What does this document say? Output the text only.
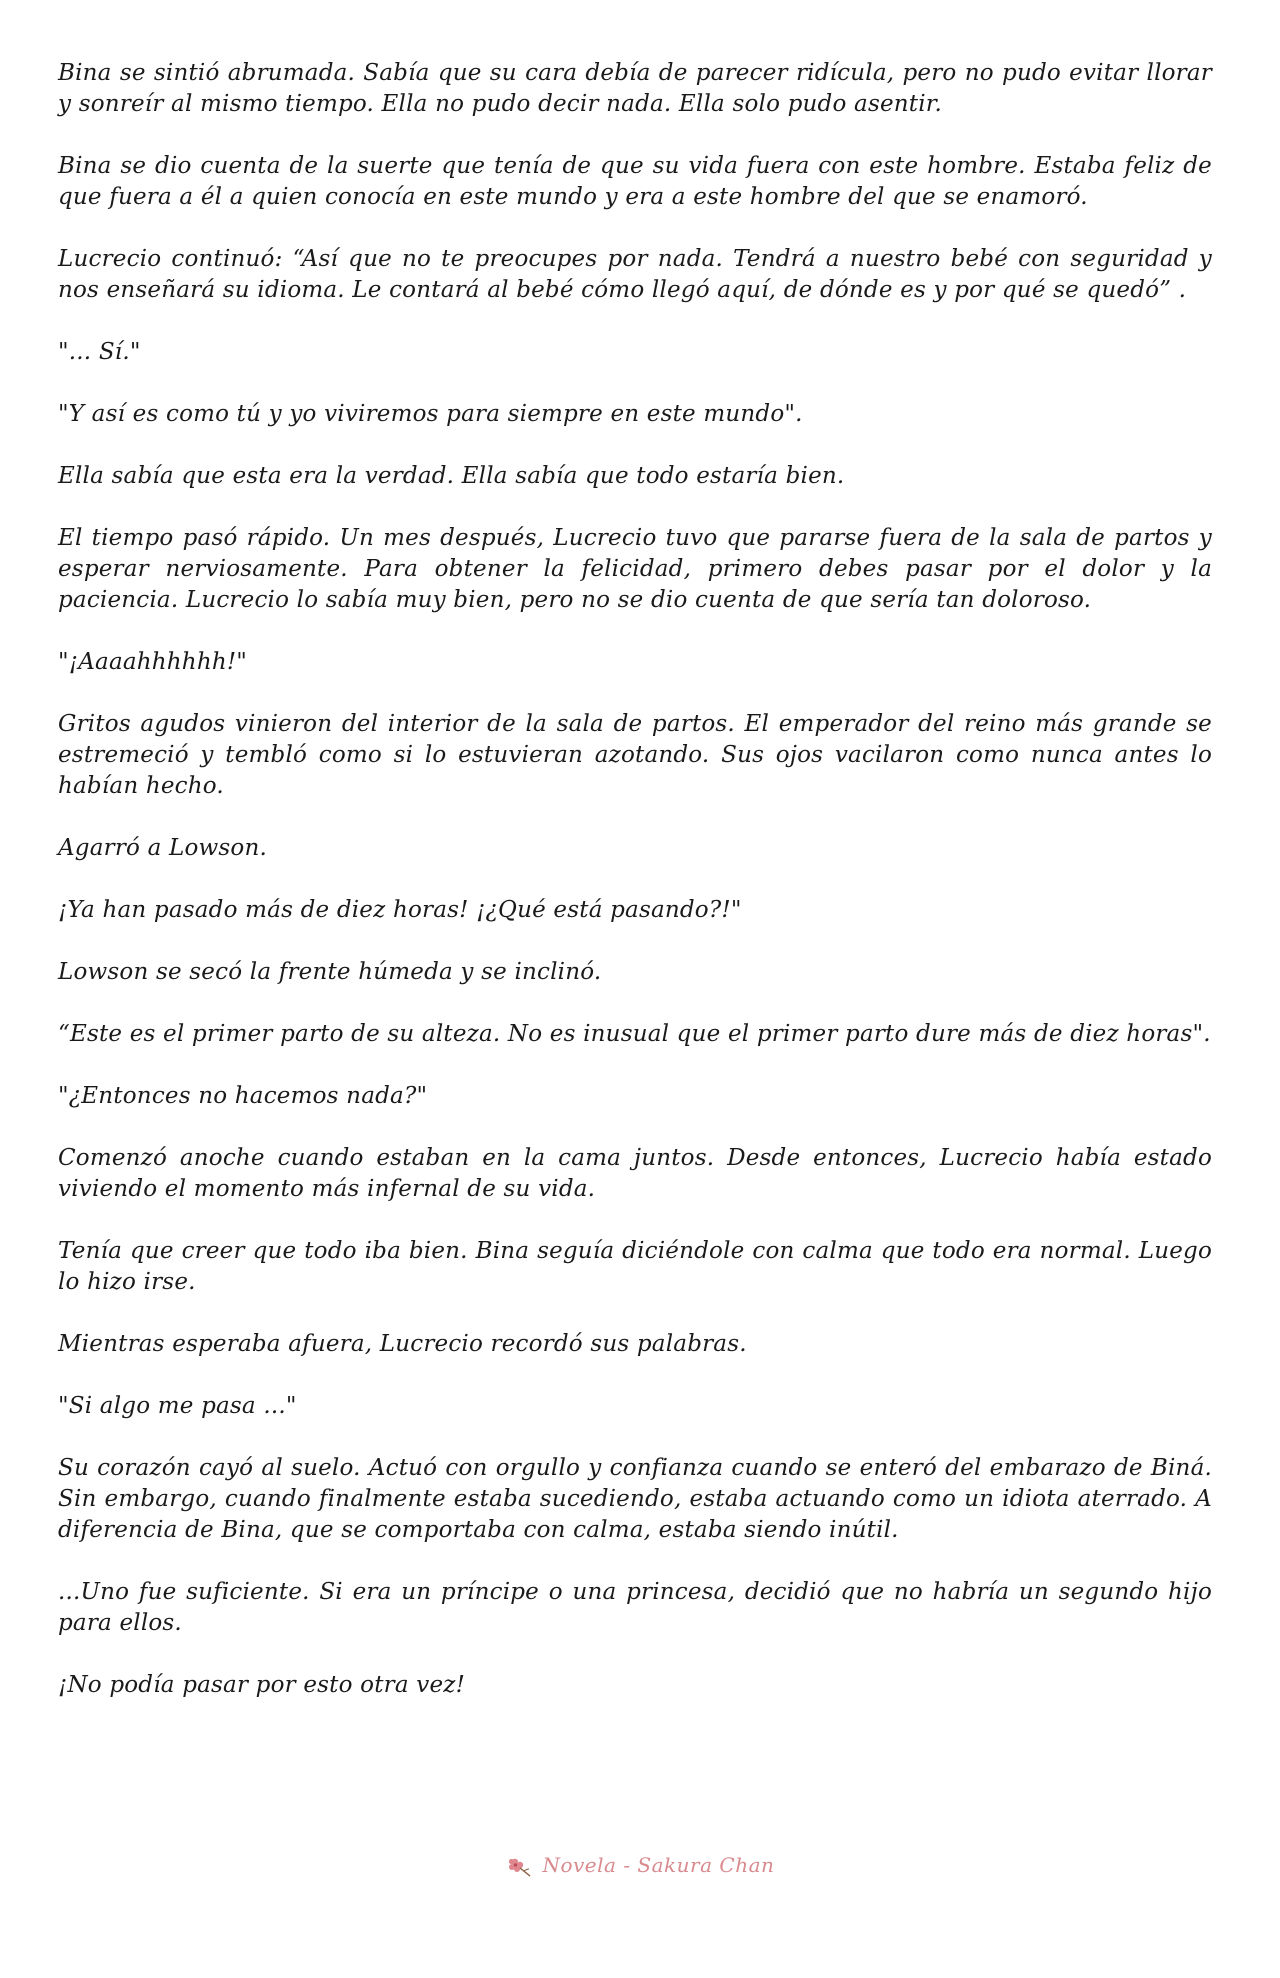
Bina se sintió abrumada. Sabía que su cara debía de parecer ridícula, pero no pudo evitar llorar y sonreír al mismo tiempo. Ella no pudo decir nada. Ella solo pudo asentir.

Bina se dio cuenta de la suerte que tenía de que su vida fuera con este hombre. Estaba feliz de que fuera a él a quien conocía en este mundo y era a este hombre del que se enamoró.

Lucrecio continuó: “Así que no te preocupes por nada. Tendrá a nuestro bebé con seguridad y nos enseñará su idioma. Le contará al bebé cómo llegó aquí, de dónde es y por qué se quedó” .

"... Sí."

"Y así es como tú y yo viviremos para siempre en este mundo".

Ella sabía que esta era la verdad. Ella sabía que todo estaría bien.

El tiempo pasó rápido. Un mes después, Lucrecio tuvo que pararse fuera de la sala de partos y esperar nerviosamente. Para obtener la felicidad, primero debes pasar por el dolor y la paciencia. Lucrecio lo sabía muy bien, pero no se dio cuenta de que sería tan doloroso.

"¡Aaaahhhhhh!"

Gritos agudos vinieron del interior de la sala de partos. El emperador del reino más grande se estremeció y tembló como si lo estuvieran azotando. Sus ojos vacilaron como nunca antes lo habían hecho.

Agarró a Lowson.

¡Ya han pasado más de diez horas! ¡¿Qué está pasando?!"

Lowson se secó la frente húmeda y se inclinó.

“Este es el primer parto de su alteza. No es inusual que el primer parto dure más de diez horas".

"¿Entonces no hacemos nada?"

Comenzó anoche cuando estaban en la cama juntos. Desde entonces, Lucrecio había estado viviendo el momento más infernal de su vida.

Tenía que creer que todo iba bien. Bina seguía diciéndole con calma que todo era normal. Luego lo hizo irse.

Mientras esperaba afuera, Lucrecio recordó sus palabras.

"Si algo me pasa ..."

Su corazón cayó al suelo. Actuó con orgullo y confianza cuando se enteró del embarazo de Biná. Sin embargo, cuando finalmente estaba sucediendo, estaba actuando como un idiota aterrado. A diferencia de Bina, que se comportaba con calma, estaba siendo inútil.

...Uno fue suficiente. Si era un príncipe o una princesa, decidió que no habría un segundo hijo para ellos.

¡No podía pasar por esto otra vez!

Novela - Sakura Chan
